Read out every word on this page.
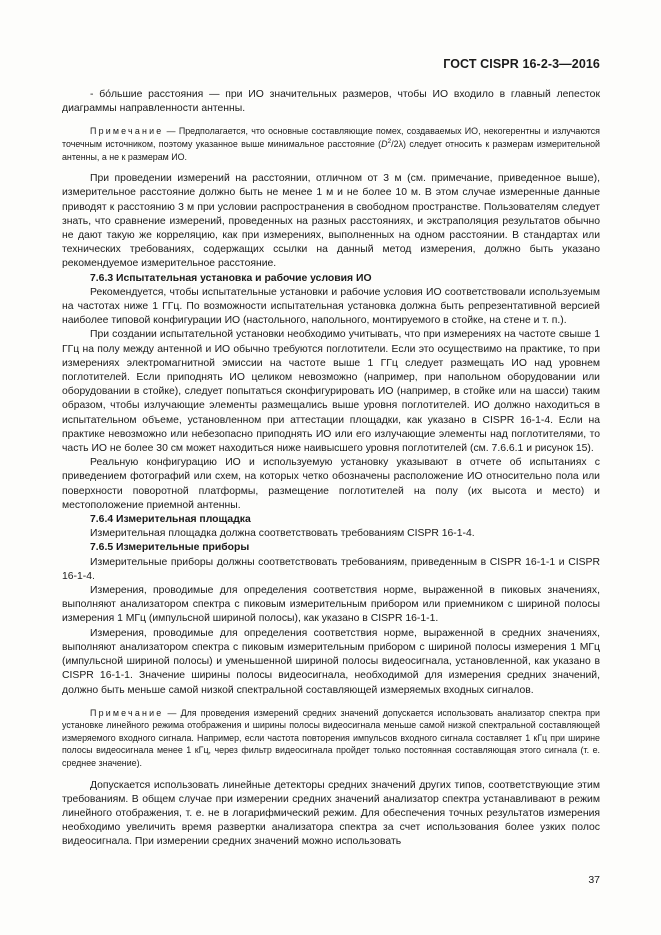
ГОСТ CISPR 16-2-3—2016

- бо́льшие расстояния — при ИО значительных размеров, чтобы ИО входило в главный лепесток диаграммы направленности антенны.

Примечание — Предполагается, что основные составляющие помех, создаваемых ИО, некогерентны и излучаются точечным источником, поэтому указанное выше минимальное расстояние $(D^2/2\lambda)$ следует относить к размерам измерительной антенны, а не к размерам ИО.

При проведении измерений на расстоянии, отличном от 3 м (см. примечание, приведенное выше), измерительное расстояние должно быть не менее 1 м и не более 10 м. В этом случае измеренные данные приводят к расстоянию 3 м при условии распространения в свободном пространстве. Пользователям следует знать, что сравнение измерений, проведенных на разных расстояниях, и экстраполяция результатов обычно не дают такую же корреляцию, как при измерениях, выполненных на одном расстоянии. В стандартах или технических требованиях, содержащих ссылки на данный метод измерения, должно быть указано рекомендуемое измерительное расстояние.

7.6.3 Испытательная установка и рабочие условия ИО

Рекомендуется, чтобы испытательные установки и рабочие условия ИО соответствовали используемым на частотах ниже 1 ГГц. По возможности испытательная установка должна быть репрезентативной версией наиболее типовой конфигурации ИО (настольного, напольного, монтируемого в стойке, на стене и т. п.).

При создании испытательной установки необходимо учитывать, что при измерениях на частоте свыше 1 ГГц на полу между антенной и ИО обычно требуются поглотители. Если это осуществимо на практике, то при измерениях электромагнитной эмиссии на частоте выше 1 ГГц следует размещать ИО над уровнем поглотителей. Если приподнять ИО целиком невозможно (например, при напольном оборудовании или оборудовании в стойке), следует попытаться сконфигурировать ИО (например, в стойке или на шасси) таким образом, чтобы излучающие элементы размещались выше уровня поглотителей. ИО должно находиться в испытательном объеме, установленном при аттестации площадки, как указано в CISPR 16-1-4. Если на практике невозможно или небезопасно приподнять ИО или его излучающие элементы над поглотителями, то часть ИО не более 30 см может находиться ниже наивысшего уровня поглотителей (см. 7.6.6.1 и рисунок 15).

Реальную конфигурацию ИО и используемую установку указывают в отчете об испытаниях с приведением фотографий или схем, на которых четко обозначены расположение ИО относительно пола или поверхности поворотной платформы, размещение поглотителей на полу (их высота и место) и местоположение приемной антенны.

7.6.4 Измерительная площадка

Измерительная площадка должна соответствовать требованиям CISPR 16-1-4.

7.6.5 Измерительные приборы

Измерительные приборы должны соответствовать требованиям, приведенным в CISPR 16-1-1 и CISPR 16-1-4.

Измерения, проводимые для определения соответствия норме, выраженной в пиковых значениях, выполняют анализатором спектра с пиковым измерительным прибором или приемником с шириной полосы измерения 1 МГц (импульсной шириной полосы), как указано в CISPR 16-1-1.

Измерения, проводимые для определения соответствия норме, выраженной в средних значениях, выполняют анализатором спектра с пиковым измерительным прибором с шириной полосы измерения 1 МГц (импульсной шириной полосы) и уменьшенной шириной полосы видеосигнала, установленной, как указано в CISPR 16-1-1. Значение ширины полосы видеосигнала, необходимой для измерения средних значений, должно быть меньше самой низкой спектральной составляющей измеряемых входных сигналов.

Примечание — Для проведения измерений средних значений допускается использовать анализатор спектра при установке линейного режима отображения и ширины полосы видеосигнала меньше самой низкой спектральной составляющей измеряемого входного сигнала. Например, если частота повторения импульсов входного сигнала составляет 1 кГц при ширине полосы видеосигнала менее 1 кГц, через фильтр видеосигнала пройдет только постоянная составляющая этого сигнала (т. е. среднее значение).

Допускается использовать линейные детекторы средних значений других типов, соответствующие этим требованиям. В общем случае при измерении средних значений анализатор спектра устанавливают в режим линейного отображения, т. е. не в логарифмический режим. Для обеспечения точных результатов измерения необходимо увеличить время развертки анализатора спектра за счет использования более узких полос видеосигнала. При измерении средних значений можно использовать

37
